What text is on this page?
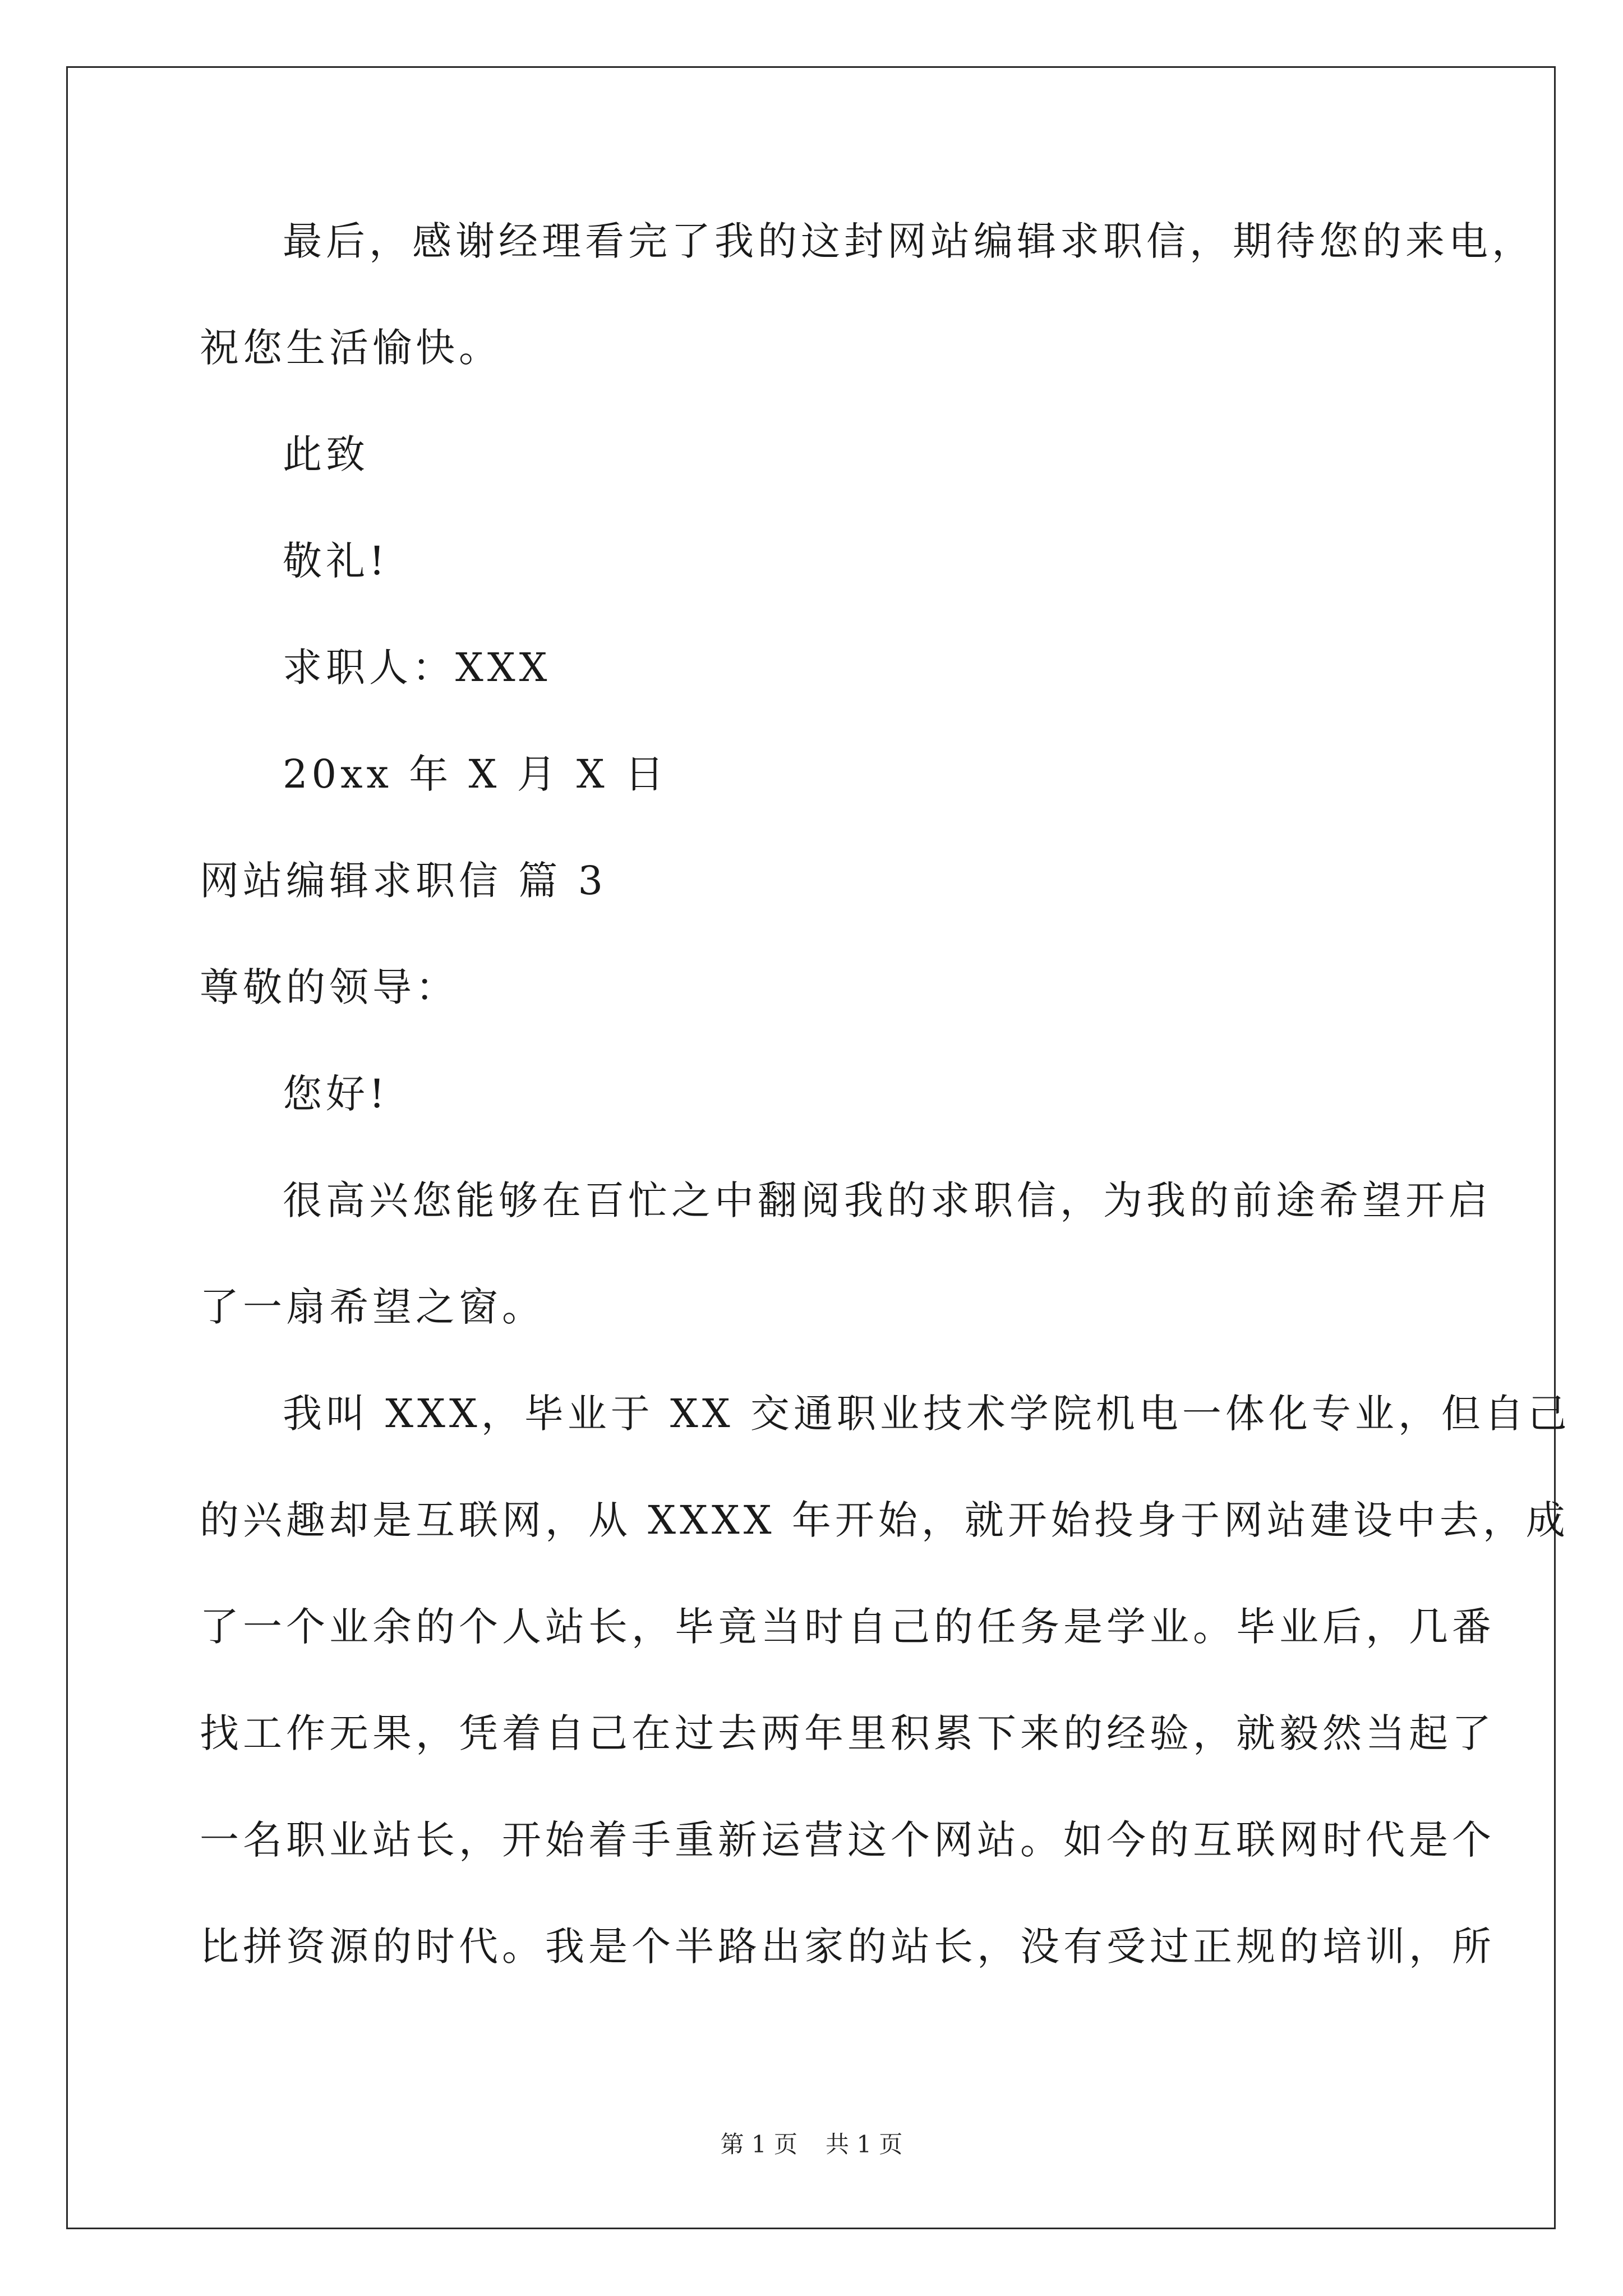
最后，感谢经理看完了我的这封网站编辑求职信，期待您的来电，
祝您生活愉快。
此致
敬礼!
求职人：XXX
20xx 年 X 月 X 日
网站编辑求职信 篇 3
尊敬的领导：
您好!
很高兴您能够在百忙之中翻阅我的求职信，为我的前途希望开启
了一扇希望之窗。
我叫 XXX，毕业于 XX 交通职业技术学院机电一体化专业，但自己
的兴趣却是互联网，从 XXXX 年开始，就开始投身于网站建设中去，成
了一个业余的个人站长，毕竟当时自己的任务是学业。毕业后，几番
找工作无果，凭着自己在过去两年里积累下来的经验，就毅然当起了
一名职业站长，开始着手重新运营这个网站。如今的互联网时代是个
比拼资源的时代。我是个半路出家的站长，没有受过正规的培训，所
第 1 页 共 1 页
